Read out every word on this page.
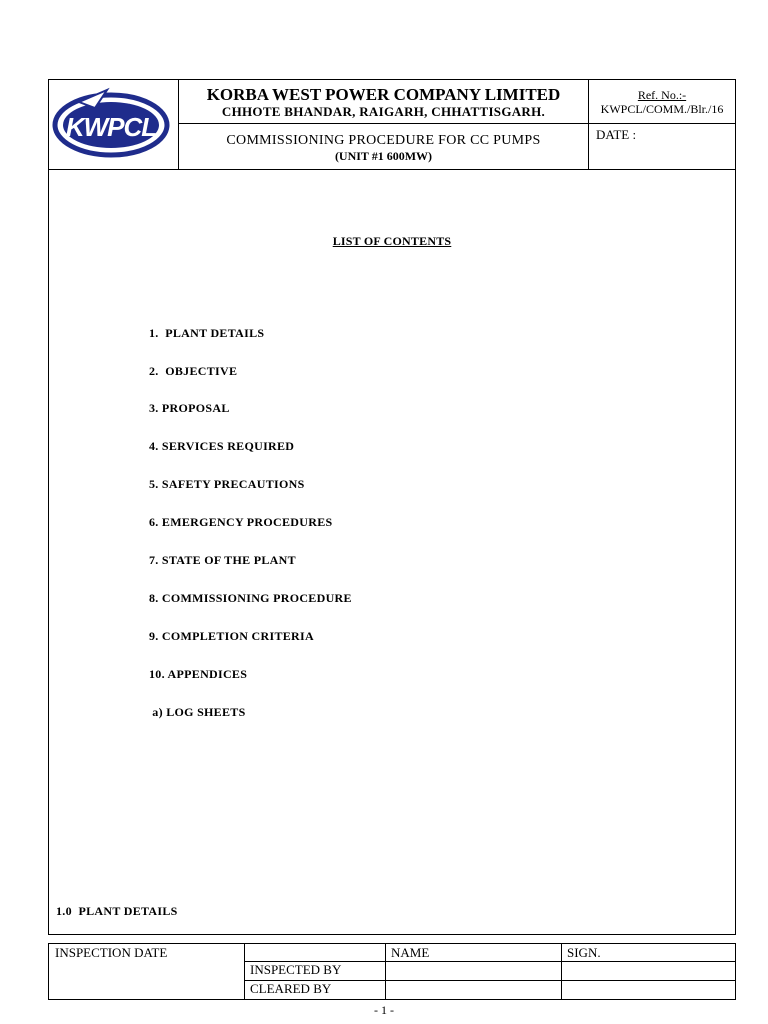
KWPCL
KORBA WEST POWER COMPANY LIMITED
CHHOTE BHANDAR, RAIGARH, CHHATTISGARH.
COMMISSIONING PROCEDURE FOR CC PUMPS
(UNIT #1 600MW)
Ref. No.:-
KWPCL/COMM./Blr./16
DATE :
LIST OF CONTENTS
1.  PLANT DETAILS
2.  OBJECTIVE
3. PROPOSAL
4. SERVICES REQUIRED
5. SAFETY PRECAUTIONS
6. EMERGENCY PROCEDURES
7. STATE OF THE PLANT
8. COMMISSIONING PROCEDURE
9. COMPLETION CRITERIA
10. APPENDICES
a) LOG SHEETS
1.0  PLANT DETAILS
INSPECTION DATE	NAME	SIGN.
INSPECTED BY
CLEARED BY
- 1 -
